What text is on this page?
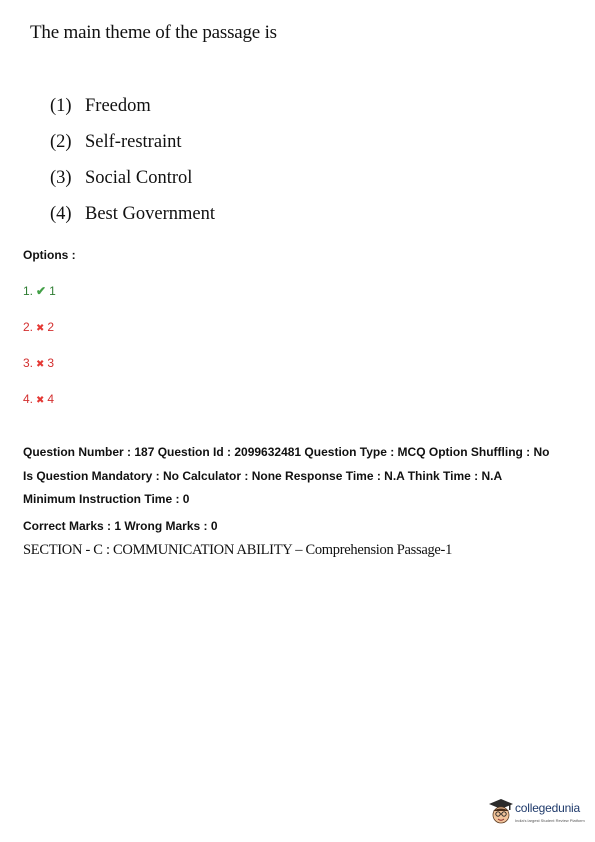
The main theme of the passage is
(1) Freedom
(2) Self-restraint
(3) Social Control
(4) Best Government
Options :
1. ✔ 1
2. ✖ 2
3. ✖ 3
4. ✖ 4
Question Number : 187 Question Id : 2099632481 Question Type : MCQ Option Shuffling : No
Is Question Mandatory : No Calculator : None Response Time : N.A Think Time : N.A
Minimum Instruction Time : 0
Correct Marks : 1 Wrong Marks : 0
SECTION - C : COMMUNICATION ABILITY – Comprehension Passage-1
collegedunia
India's largest Student Review Platform
